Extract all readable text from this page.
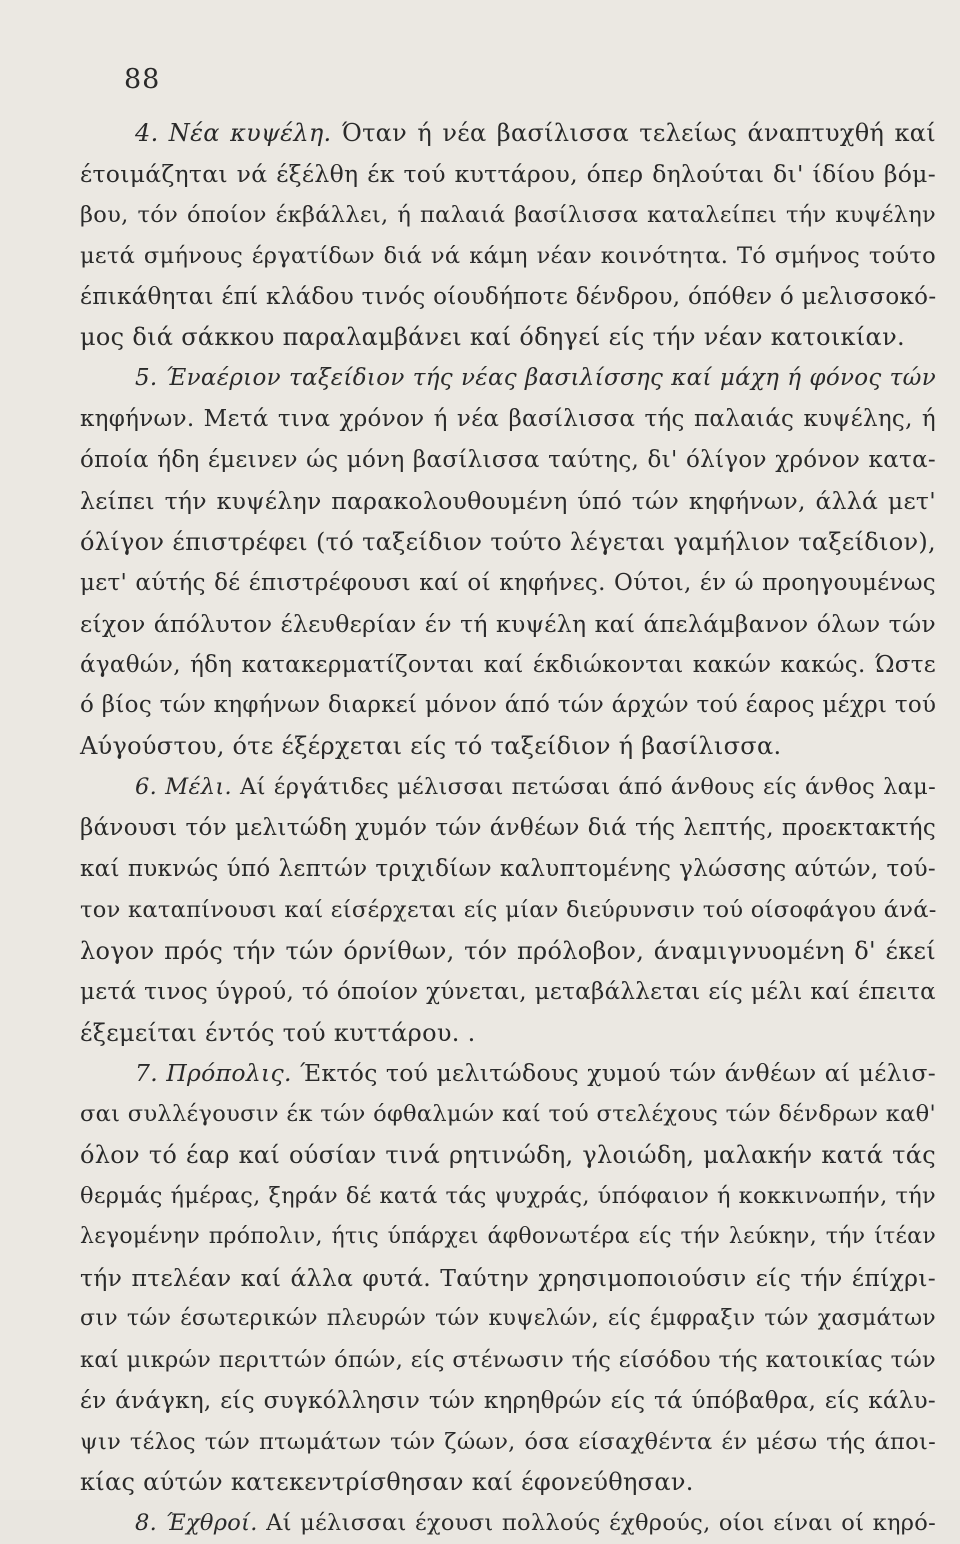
88
4. Νέα κυψέλη. Όταν ή νέα βασίλισσα τελείως άναπτυχθή καί
έτοιμάζηται νά έξέλθη έκ τού κυττάρου, όπερ δηλούται δι' ίδίου βόμ-
βου, τόν όποίον έκβάλλει, ή παλαιά βασίλισσα καταλείπει τήν κυψέλην
μετά σμήνους έργατίδων διά νά κάμη νέαν κοινότητα. Τό σμήνος τούτο
έπικάθηται έπί κλάδου τινός οίουδήποτε δένδρου, όπόθεν ό μελισσοκό-
μος διά σάκκου παραλαμβάνει καί όδηγεί είς τήν νέαν κατοικίαν.
5. Έναέριον ταξείδιον τής νέας βασιλίσσης καί μάχη ή φόνος τών
κηφήνων. Μετά τινα χρόνον ή νέα βασίλισσα τής παλαιάς κυψέλης, ή
όποία ήδη έμεινεν ώς μόνη βασίλισσα ταύτης, δι' όλίγον χρόνον κατα-
λείπει τήν κυψέλην παρακολουθουμένη ύπό τών κηφήνων, άλλά μετ'
όλίγον έπιστρέφει (τό ταξείδιον τούτο λέγεται γαμήλιον ταξείδιον),
μετ' αύτής δέ έπιστρέφουσι καί οί κηφήνες. Ούτοι, έν ώ προηγουμένως
είχον άπόλυτον έλευθερίαν έν τή κυψέλη καί άπελάμβανον όλων τών
άγαθών, ήδη κατακερματίζονται καί έκδιώκονται κακών κακώς. Ώστε
ό βίος τών κηφήνων διαρκεί μόνον άπό τών άρχών τού έαρος μέχρι τού
Αύγούστου, ότε έξέρχεται είς τό ταξείδιον ή βασίλισσα.
6. Μέλι. Αί έργάτιδες μέλισσαι πετώσαι άπό άνθους είς άνθος λαμ-
βάνουσι τόν μελιτώδη χυμόν τών άνθέων διά τής λεπτής, προεκτακτής
καί πυκνώς ύπό λεπτών τριχιδίων καλυπτομένης γλώσσης αύτών, τού-
τον καταπίνουσι καί είσέρχεται είς μίαν διεύρυνσιν τού οίσοφάγου άνά-
λογον πρός τήν τών όρνίθων, τόν πρόλοβον, άναμιγνυομένη δ' έκεί
μετά τινος ύγρού, τό όποίον χύνεται, μεταβάλλεται είς μέλι καί έπειτα
έξεμείται έντός τού κυττάρου. .
7. Πρόπολις. Έκτός τού μελιτώδους χυμού τών άνθέων αί μέλισ-
σαι συλλέγουσιν έκ τών όφθαλμών καί τού στελέχους τών δένδρων καθ'
όλον τό έαρ καί ούσίαν τινά ρητινώδη, γλοιώδη, μαλακήν κατά τάς
θερμάς ήμέρας, ξηράν δέ κατά τάς ψυχράς, ύπόφαιον ή κοκκινωπήν, τήν
λεγομένην πρόπολιν, ήτις ύπάρχει άφθονωτέρα είς τήν λεύκην, τήν ίτέαν
τήν πτελέαν καί άλλα φυτά. Ταύτην χρησιμοποιούσιν είς τήν έπίχρι-
σιν τών έσωτερικών πλευρών τών κυψελών, είς έμφραξιν τών χασμάτων
καί μικρών περιττών όπών, είς στένωσιν τής είσόδου τής κατοικίας τών
έν άνάγκη, είς συγκόλλησιν τών κηρηθρών είς τά ύπόβαθρα, είς κάλυ-
ψιν τέλος τών πτωμάτων τών ζώων, όσα είσαχθέντα έν μέσω τής άποι-
κίας αύτών κατεκεντρίσθησαν καί έφονεύθησαν.
8. Έχθροί. Αί μέλισσαι έχουσι πολλούς έχθρούς, οίοι είναι οί κηρό-
